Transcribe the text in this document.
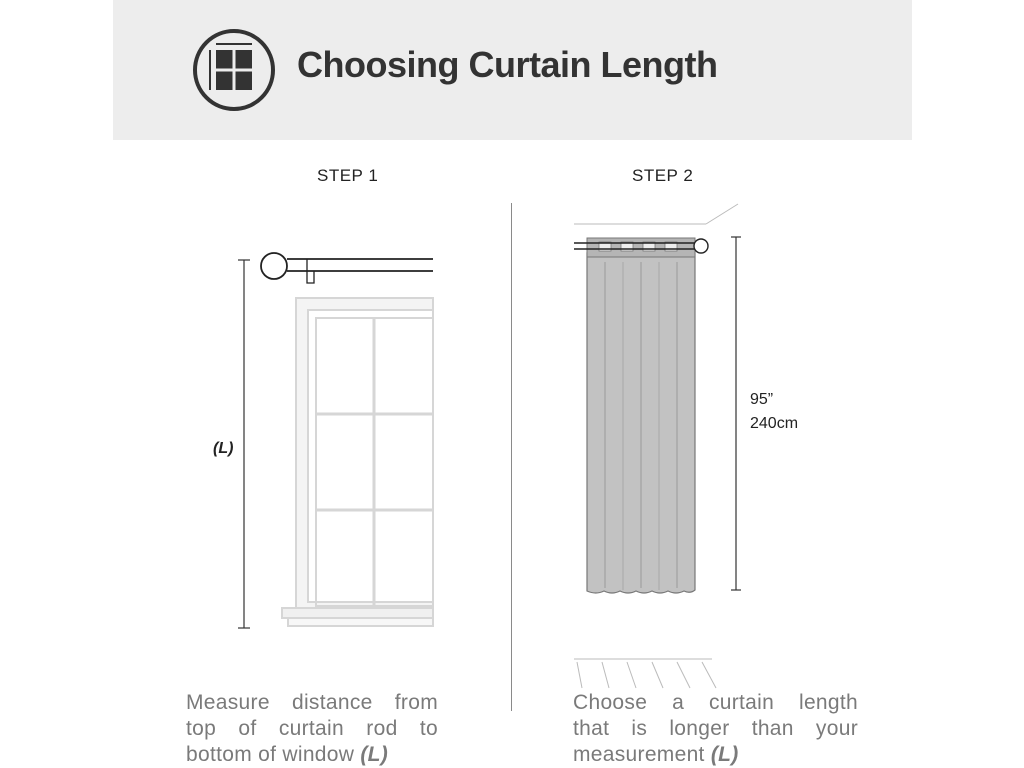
Choosing Curtain Length
STEP 1	STEP 2
(L)
95”
240cm
Measure distance from
top of curtain rod to
bottom of window (L)
Choose a curtain length
that is longer than your
measurement (L)
